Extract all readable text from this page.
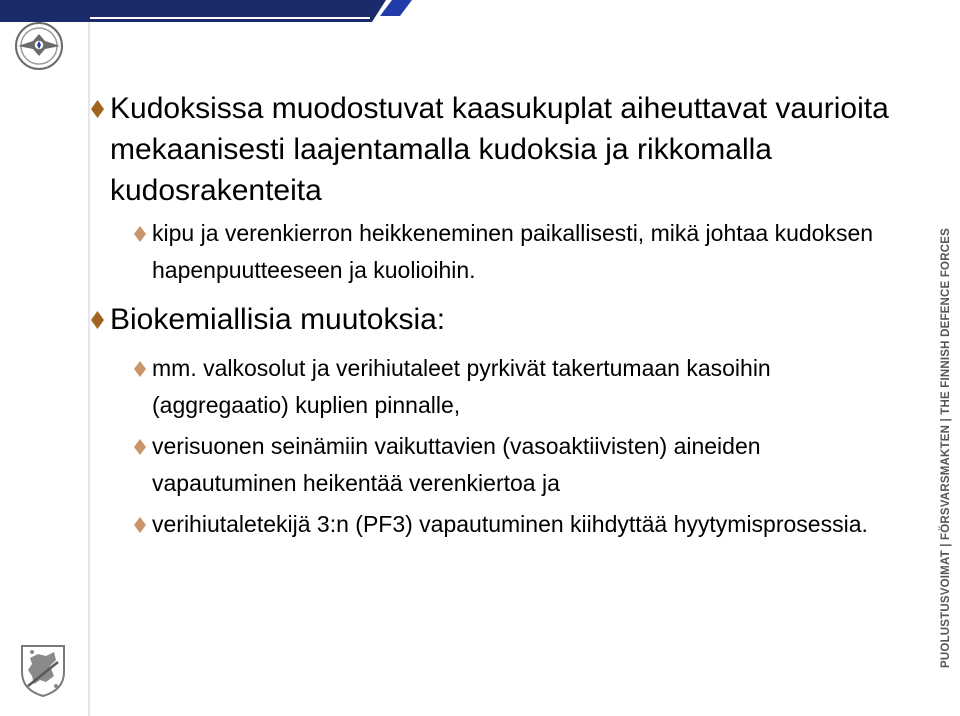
Kudoksissa muodostuvat kaasukuplat aiheuttavat vaurioita mekaanisesti laajentamalla kudoksia ja rikkomalla kudosrakenteita
kipu ja verenkierron heikkeneminen paikallisesti, mikä johtaa kudoksen hapenpuutteeseen ja kuolioihin.
Biokemiallisia muutoksia:
mm. valkosolut ja verihiutaleet pyrkivät takertumaan kasoihin (aggregaatio) kuplien pinnalle,
verisuonen seinämiin vaikuttavien (vasoaktiivisten) aineiden vapautuminen heikentää verenkiertoa ja
verihiutaletekijä 3:n (PF3) vapautuminen kiihdyttää hyytymisprosessia.	PUOLUSTUSVOIMAT | FÖRSVARSMAKTEN | THE FINNISH DEFENCE FORCES
